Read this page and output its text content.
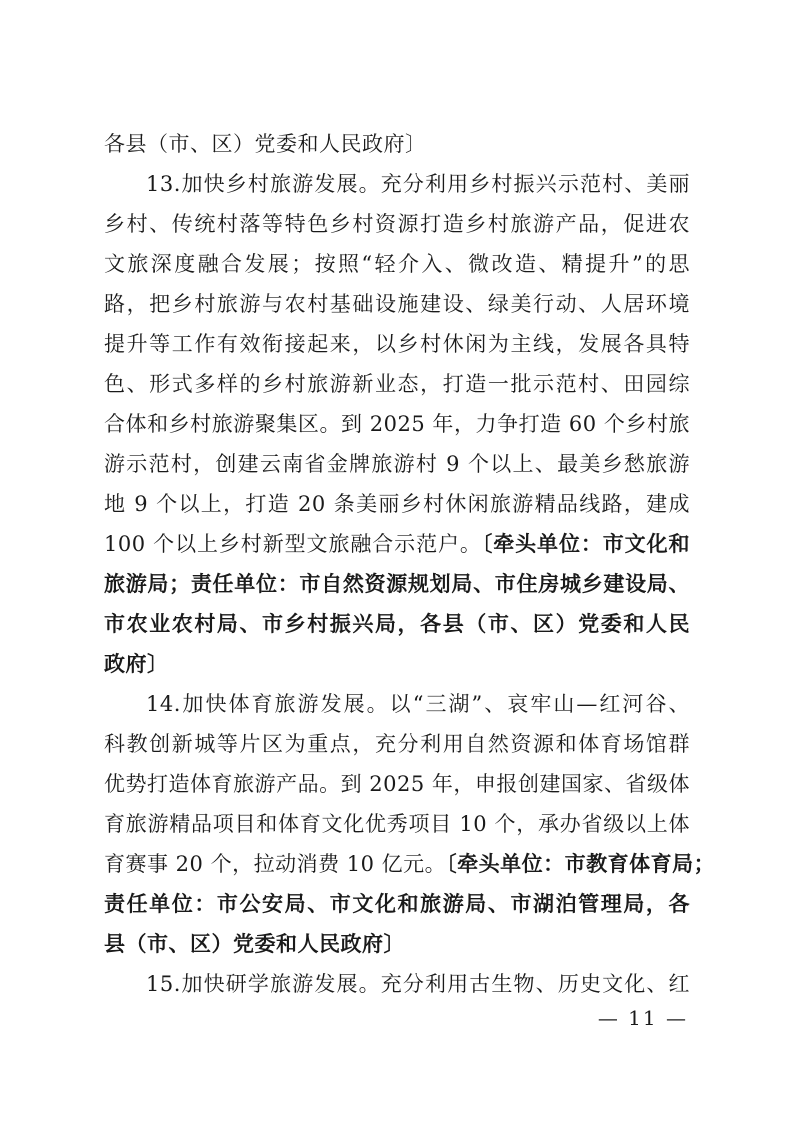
各县（市、区）党委和人民政府〕
13.加快乡村旅游发展。充分利用乡村振兴示范村、美丽
乡村、传统村落等特色乡村资源打造乡村旅游产品，促进农
文旅深度融合发展；按照“轻介入、微改造、精提升”的思
路，把乡村旅游与农村基础设施建设、绿美行动、人居环境
提升等工作有效衔接起来，以乡村休闲为主线，发展各具特
色、形式多样的乡村旅游新业态，打造一批示范村、田园综
合体和乡村旅游聚集区。到 2025 年，力争打造 60 个乡村旅
游示范村，创建云南省金牌旅游村 9 个以上、最美乡愁旅游
地 9 个以上，打造 20 条美丽乡村休闲旅游精品线路，建成
100 个以上乡村新型文旅融合示范户。〔牵头单位：市文化和
旅游局；责任单位：市自然资源规划局、市住房城乡建设局、
市农业农村局、市乡村振兴局，各县（市、区）党委和人民
政府〕
14.加快体育旅游发展。以“三湖”、哀牢山—红河谷、
科教创新城等片区为重点，充分利用自然资源和体育场馆群
优势打造体育旅游产品。到 2025 年，申报创建国家、省级体
育旅游精品项目和体育文化优秀项目 10 个，承办省级以上体
育赛事 20 个，拉动消费 10 亿元。〔牵头单位：市教育体育局；
责任单位：市公安局、市文化和旅游局、市湖泊管理局，各
县（市、区）党委和人民政府〕
15.加快研学旅游发展。充分利用古生物、历史文化、红
— 11 —
